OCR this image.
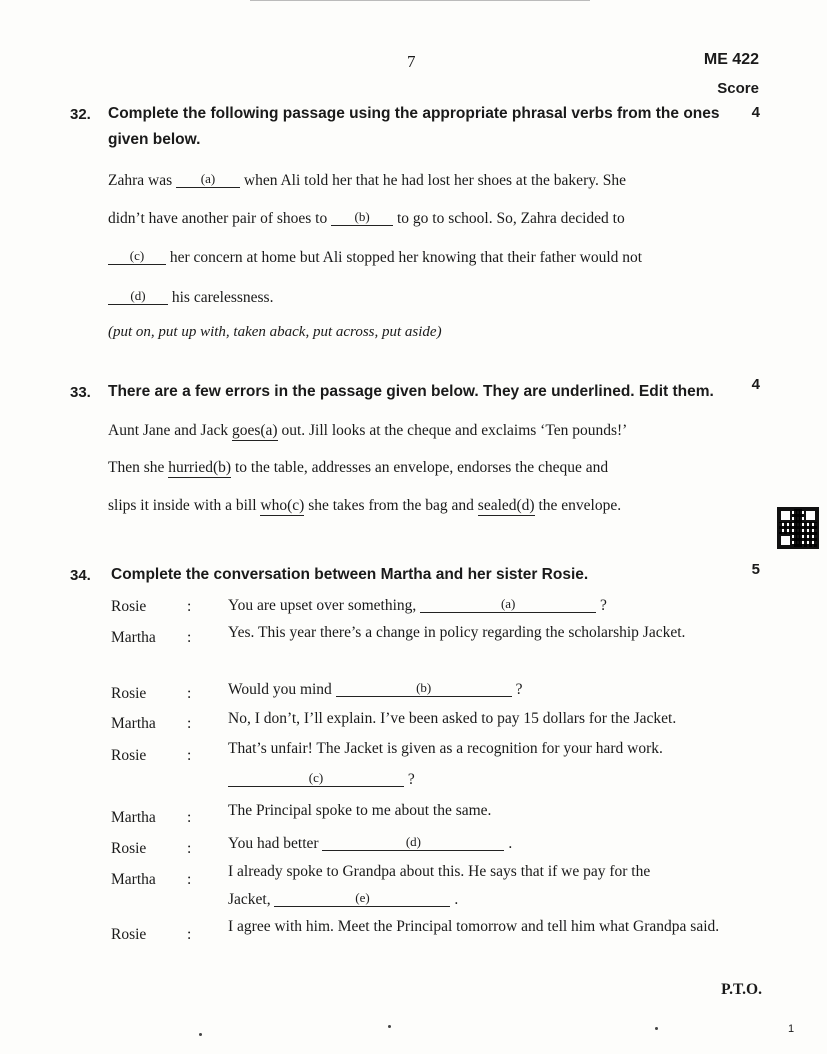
7	ME 422
Score
32. Complete the following passage using the appropriate phrasal verbs from the ones
given below.
4
Zahra was (a) when Ali told her that he had lost her shoes at the bakery. She
didn’t have another pair of shoes to (b) to go to school. So, Zahra decided to
(c) her concern at home but Ali stopped her knowing that their father would not
(d) his carelessness.
(put on, put up with, taken aback, put across, put aside)
33. There are a few errors in the passage given below. They are underlined. Edit them.	4
Aunt Jane and Jack goes(a) out. Jill looks at the cheque and exclaims ‘Ten pounds!’
Then she hurried(b) to the table, addresses an envelope, endorses the cheque and
slips it inside with a bill who(c) she takes from the bag and sealed(d) the envelope.
34. Complete the conversation between Martha and her sister Rosie.	5
Rosie	: You are upset over something,	(a)	?
Martha : Yes. This year there’s a change in policy regarding the scholarship Jacket.
Rosie	: Would you mind	(b)	?
Martha : No, I don’t, I’ll explain. I’ve been asked to pay 15 dollars for the Jacket.
Rosie	: That’s unfair! The Jacket is given as a recognition for your hard work.
(c)	?
Martha : The Principal spoke to me about the same.
Rosie	: You had better	(d)	.
Martha : I already spoke to Grandpa about this. He says that if we pay for the
Jacket,	(e)	.
Rosie	: I agree with him. Meet the Principal tomorrow and tell him what Grandpa said.
P.T.O.
1
